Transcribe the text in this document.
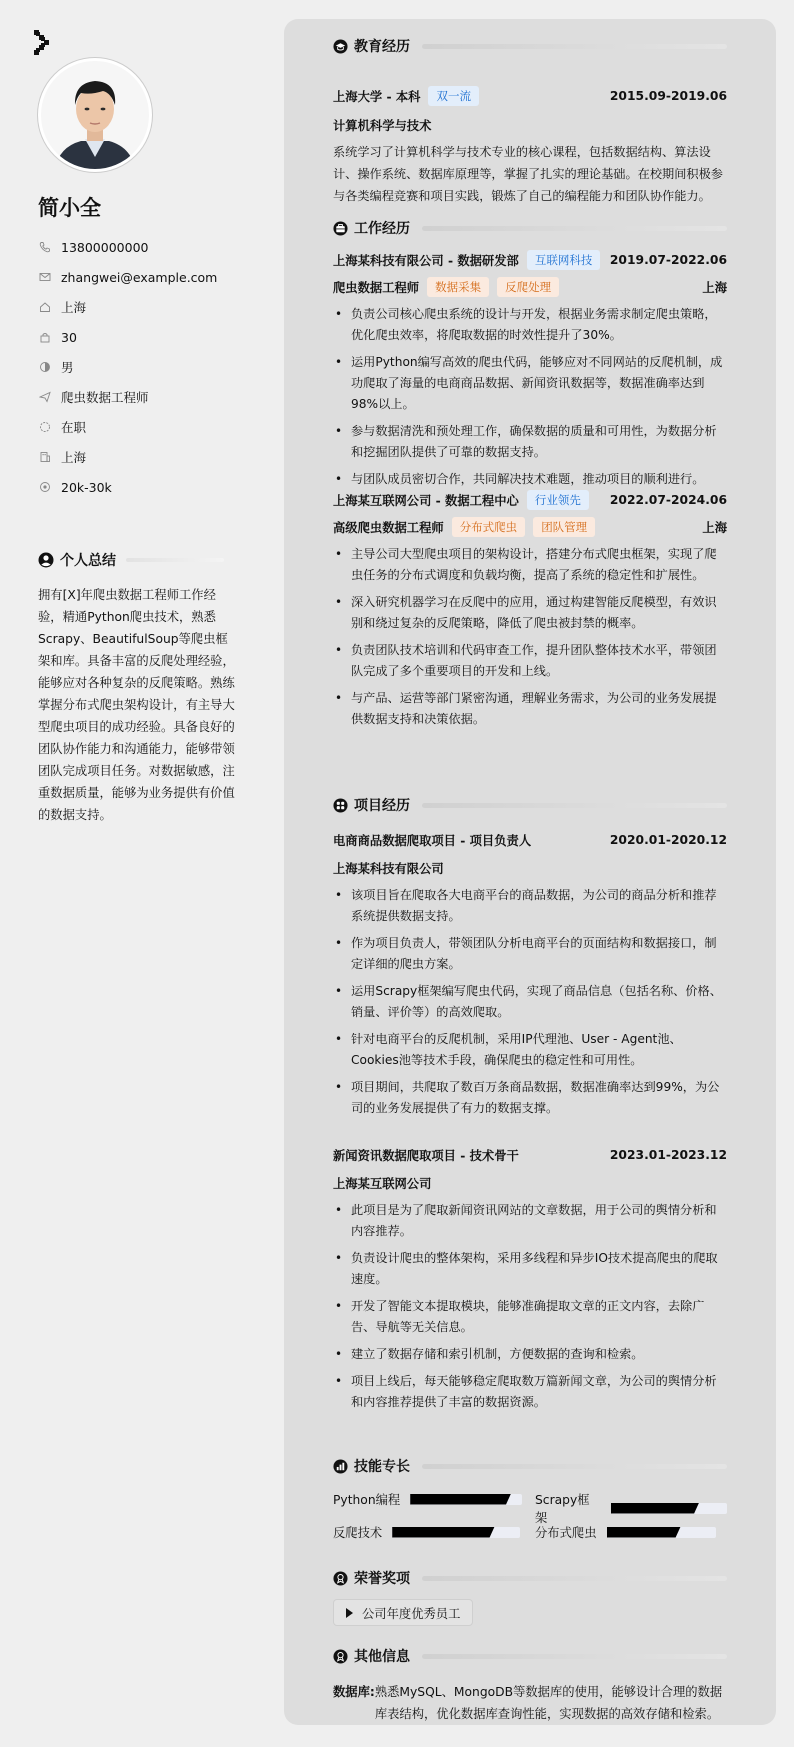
简小全
13800000000
zhangwei@example.com
上海
30
男
爬虫数据工程师
在职
上海
20k-30k
个人总结
拥有[X]年爬虫数据工程师工作经验，精通Python爬虫技术，熟悉Scrapy、BeautifulSoup等爬虫框架和库。具备丰富的反爬处理经验，能够应对各种复杂的反爬策略。熟练掌握分布式爬虫架构设计，有主导大型爬虫项目的成功经验。具备良好的团队协作能力和沟通能力，能够带领团队完成项目任务。对数据敏感，注重数据质量，能够为业务提供有价值的数据支持。
教育经历
上海大学 - 本科	双一流	2015.09-2019.06
计算机科学与技术
系统学习了计算机科学与技术专业的核心课程，包括数据结构、算法设计、操作系统、数据库原理等，掌握了扎实的理论基础。在校期间积极参与各类编程竞赛和项目实践，锻炼了自己的编程能力和团队协作能力。
工作经历
上海某科技有限公司 - 数据研发部	互联网科技	2019.07-2022.06
爬虫数据工程师	数据采集	反爬处理	上海
• 负责公司核心爬虫系统的设计与开发，根据业务需求制定爬虫策略，优化爬虫效率，将爬取数据的时效性提升了30%。
• 运用Python编写高效的爬虫代码，能够应对不同网站的反爬机制，成功爬取了海量的电商商品数据、新闻资讯数据等，数据准确率达到98%以上。
• 参与数据清洗和预处理工作，确保数据的质量和可用性，为数据分析和挖掘团队提供了可靠的数据支持。
• 与团队成员密切合作，共同解决技术难题，推动项目的顺利进行。
上海某互联网公司 - 数据工程中心	行业领先	2022.07-2024.06
高级爬虫数据工程师	分布式爬虫	团队管理	上海
• 主导公司大型爬虫项目的架构设计，搭建分布式爬虫框架，实现了爬虫任务的分布式调度和负载均衡，提高了系统的稳定性和扩展性。
• 深入研究机器学习在反爬中的应用，通过构建智能反爬模型，有效识别和绕过复杂的反爬策略，降低了爬虫被封禁的概率。
• 负责团队技术培训和代码审查工作，提升团队整体技术水平，带领团队完成了多个重要项目的开发和上线。
• 与产品、运营等部门紧密沟通，理解业务需求，为公司的业务发展提供数据支持和决策依据。
项目经历
电商商品数据爬取项目 - 项目负责人	2020.01-2020.12
上海某科技有限公司
• 该项目旨在爬取各大电商平台的商品数据，为公司的商品分析和推荐系统提供数据支持。
• 作为项目负责人，带领团队分析电商平台的页面结构和数据接口，制定详细的爬虫方案。
• 运用Scrapy框架编写爬虫代码，实现了商品信息（包括名称、价格、销量、评价等）的高效爬取。
• 针对电商平台的反爬机制，采用IP代理池、User - Agent池、Cookies池等技术手段，确保爬虫的稳定性和可用性。
• 项目期间，共爬取了数百万条商品数据，数据准确率达到99%，为公司的业务发展提供了有力的数据支撑。
新闻资讯数据爬取项目 - 技术骨干	2023.01-2023.12
上海某互联网公司
• 此项目是为了爬取新闻资讯网站的文章数据，用于公司的舆情分析和内容推荐。
• 负责设计爬虫的整体架构，采用多线程和异步IO技术提高爬虫的爬取速度。
• 开发了智能文本提取模块，能够准确提取文章的正文内容，去除广告、导航等无关信息。
• 建立了数据存储和索引机制，方便数据的查询和检索。
• 项目上线后，每天能够稳定爬取数万篇新闻文章，为公司的舆情分析和内容推荐提供了丰富的数据资源。
技能专长
Python编程	Scrapy框架
反爬技术	分布式爬虫
荣誉奖项
公司年度优秀员工
其他信息
数据库: 熟悉MySQL、MongoDB等数据库的使用，能够设计合理的数据库表结构，优化数据库查询性能，实现数据的高效存储和检索。
